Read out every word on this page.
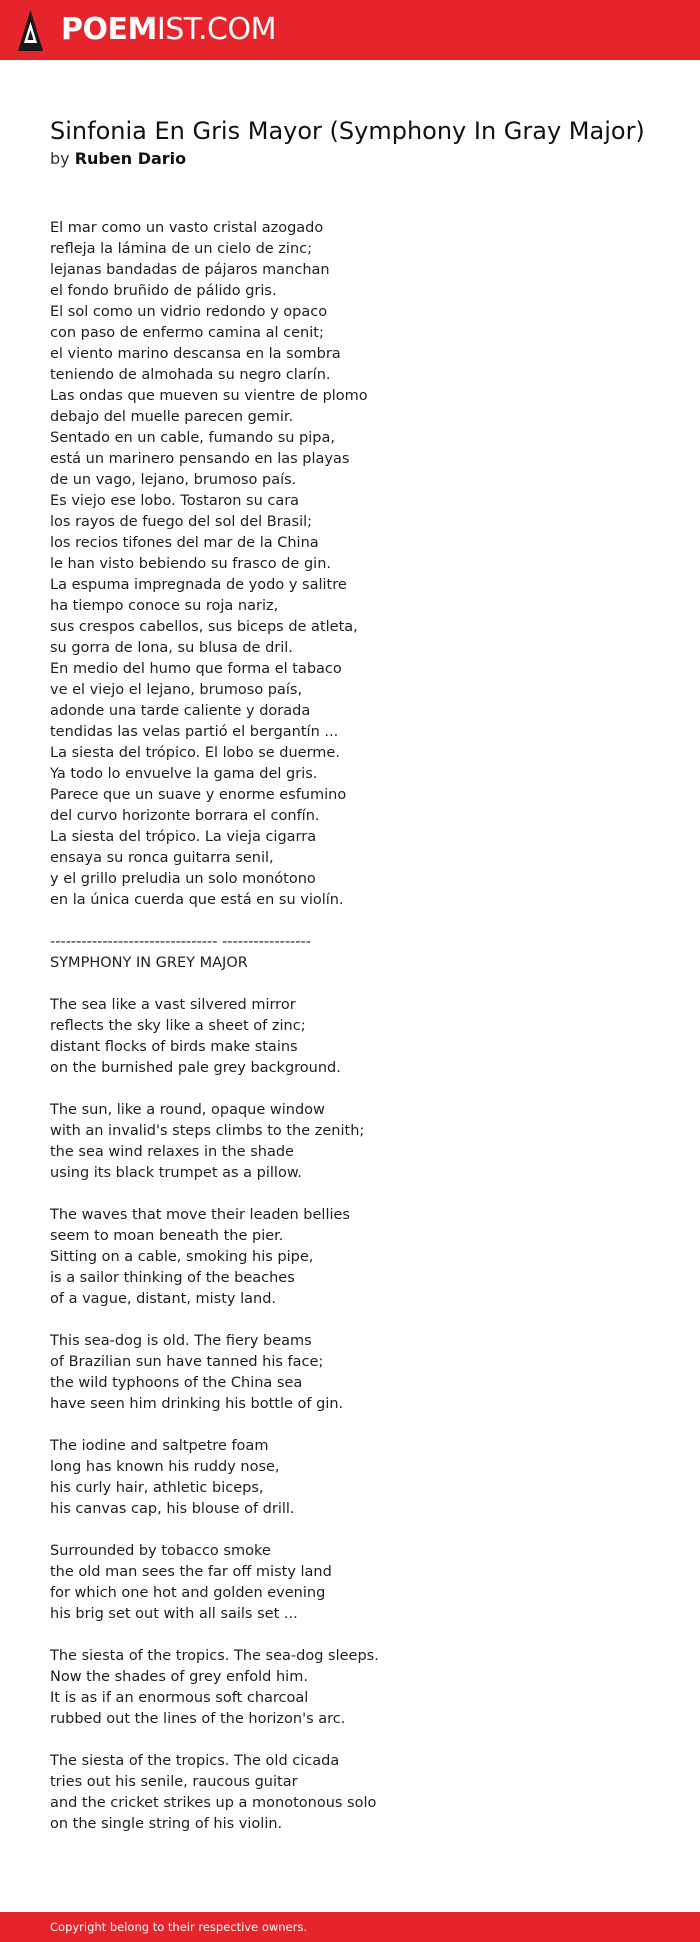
POEMIST.COM
Sinfonia En Gris Mayor (Symphony In Gray Major)
by Ruben Dario
El mar como un vasto cristal azogado
refleja la lámina de un cielo de zinc;
lejanas bandadas de pájaros manchan
el fondo bruñido de pálido gris.
El sol como un vidrio redondo y opaco
con paso de enfermo camina al cenit;
el viento marino descansa en la sombra
teniendo de almohada su negro clarín.
Las ondas que mueven su vientre de plomo
debajo del muelle parecen gemir.
Sentado en un cable, fumando su pipa,
está un marinero pensando en las playas
de un vago, lejano, brumoso país.
Es viejo ese lobo. Tostaron su cara
los rayos de fuego del sol del Brasil;
los recios tifones del mar de la China
le han visto bebiendo su frasco de gin.
La espuma impregnada de yodo y salitre
ha tiempo conoce su roja nariz,
sus crespos cabellos, sus biceps de atleta,
su gorra de lona, su blusa de dril.
En medio del humo que forma el tabaco
ve el viejo el lejano, brumoso país,
adonde una tarde caliente y dorada
tendidas las velas partió el bergantín ...
La siesta del trópico. El lobo se duerme.
Ya todo lo envuelve la gama del gris.
Parece que un suave y enorme esfumino
del curvo horizonte borrara el confín.
La siesta del trópico. La vieja cigarra
ensaya su ronca guitarra senil,
y el grillo preludia un solo monótono
en la única cuerda que está en su violín.
-------------------------------- -----------------
SYMPHONY IN GREY MAJOR
The sea like a vast silvered mirror
reflects the sky like a sheet of zinc;
distant flocks of birds make stains
on the burnished pale grey background.
The sun, like a round, opaque window
with an invalid's steps climbs to the zenith;
the sea wind relaxes in the shade
using its black trumpet as a pillow.
The waves that move their leaden bellies
seem to moan beneath the pier.
Sitting on a cable, smoking his pipe,
is a sailor thinking of the beaches
of a vague, distant, misty land.
This sea-dog is old. The fiery beams
of Brazilian sun have tanned his face;
the wild typhoons of the China sea
have seen him drinking his bottle of gin.
The iodine and saltpetre foam
long has known his ruddy nose,
his curly hair, athletic biceps,
his canvas cap, his blouse of drill.
Surrounded by tobacco smoke
the old man sees the far off misty land
for which one hot and golden evening
his brig set out with all sails set ...
The siesta of the tropics. The sea-dog sleeps.
Now the shades of grey enfold him.
It is as if an enormous soft charcoal
rubbed out the lines of the horizon's arc.
The siesta of the tropics. The old cicada
tries out his senile, raucous guitar
and the cricket strikes up a monotonous solo
on the single string of his violin.
Copyright belong to their respective owners.
